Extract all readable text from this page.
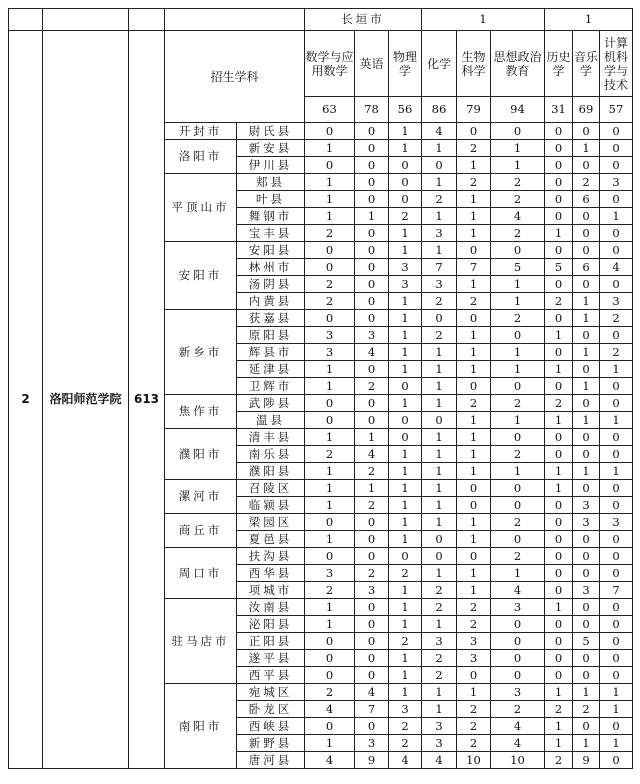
					长垣市			1			1		
2	洛阳师范学院	613	招生学科		数学与应用数学	英语	物理学	化学	生物科学	思想政治教育	历史学	音乐学	计算机科学与技术
					63	78	56	86	79	94	31	69	57
			开封市	尉氏县	0	0	1	4	0	0	0	0	0
			洛阳市	新安县	1	0	1	1	2	1	0	1	0
				伊川县	0	0	0	0	1	1	0	0	0
			平顶山市	郏县	1	0	0	1	2	2	0	2	3
				叶县	1	0	0	2	1	2	0	6	0
				舞钢市	1	1	2	1	1	4	0	0	1
				宝丰县	2	0	1	3	1	2	1	0	0
			安阳市	安阳县	0	0	1	1	0	0	0	0	0
				林州市	0	0	3	7	7	5	5	6	4
				汤阴县	2	0	3	3	1	1	0	0	0
				内黄县	2	0	1	2	2	1	2	1	3
			新乡市	获嘉县	0	0	1	0	0	2	0	1	2
				原阳县	3	3	1	2	1	0	1	0	0
				辉县市	3	4	1	1	1	1	0	1	2
				延津县	1	0	1	1	1	1	1	0	1
				卫辉市	1	2	0	1	0	0	0	1	0
			焦作市	武陟县	0	0	1	1	2	2	2	0	0
				温县	0	0	0	0	1	1	1	1	1
			濮阳市	清丰县	1	1	0	1	1	0	0	0	0
				南乐县	2	4	1	1	1	2	0	0	0
				濮阳县	1	2	1	1	1	1	1	1	1
			漯河市	召陵区	1	1	1	1	0	0	1	0	0
				临颍县	1	2	1	1	0	0	0	3	0
			商丘市	梁园区	0	0	1	1	1	2	0	3	3
				夏邑县	1	0	1	0	1	0	0	0	0
			周口市	扶沟县	0	0	0	0	0	2	0	0	0
				西华县	3	2	2	1	1	1	0	0	0
				项城市	2	3	1	2	1	4	0	3	7
			驻马店市	汝南县	1	0	1	2	2	3	1	0	0
				泌阳县	1	0	1	1	2	0	0	0	0
				正阳县	0	0	2	3	3	0	0	5	0
				遂平县	0	0	1	2	3	0	0	0	0
				西平县	0	0	1	2	0	0	0	0	0
			南阳市	宛城区	2	4	1	1	1	3	1	1	1
				卧龙区	4	7	3	1	2	2	2	2	1
				西峡县	0	0	2	3	2	4	1	0	0
				新野县	1	3	2	3	2	4	1	1	1
				唐河县	4	9	4	4	10	10	2	9	0
